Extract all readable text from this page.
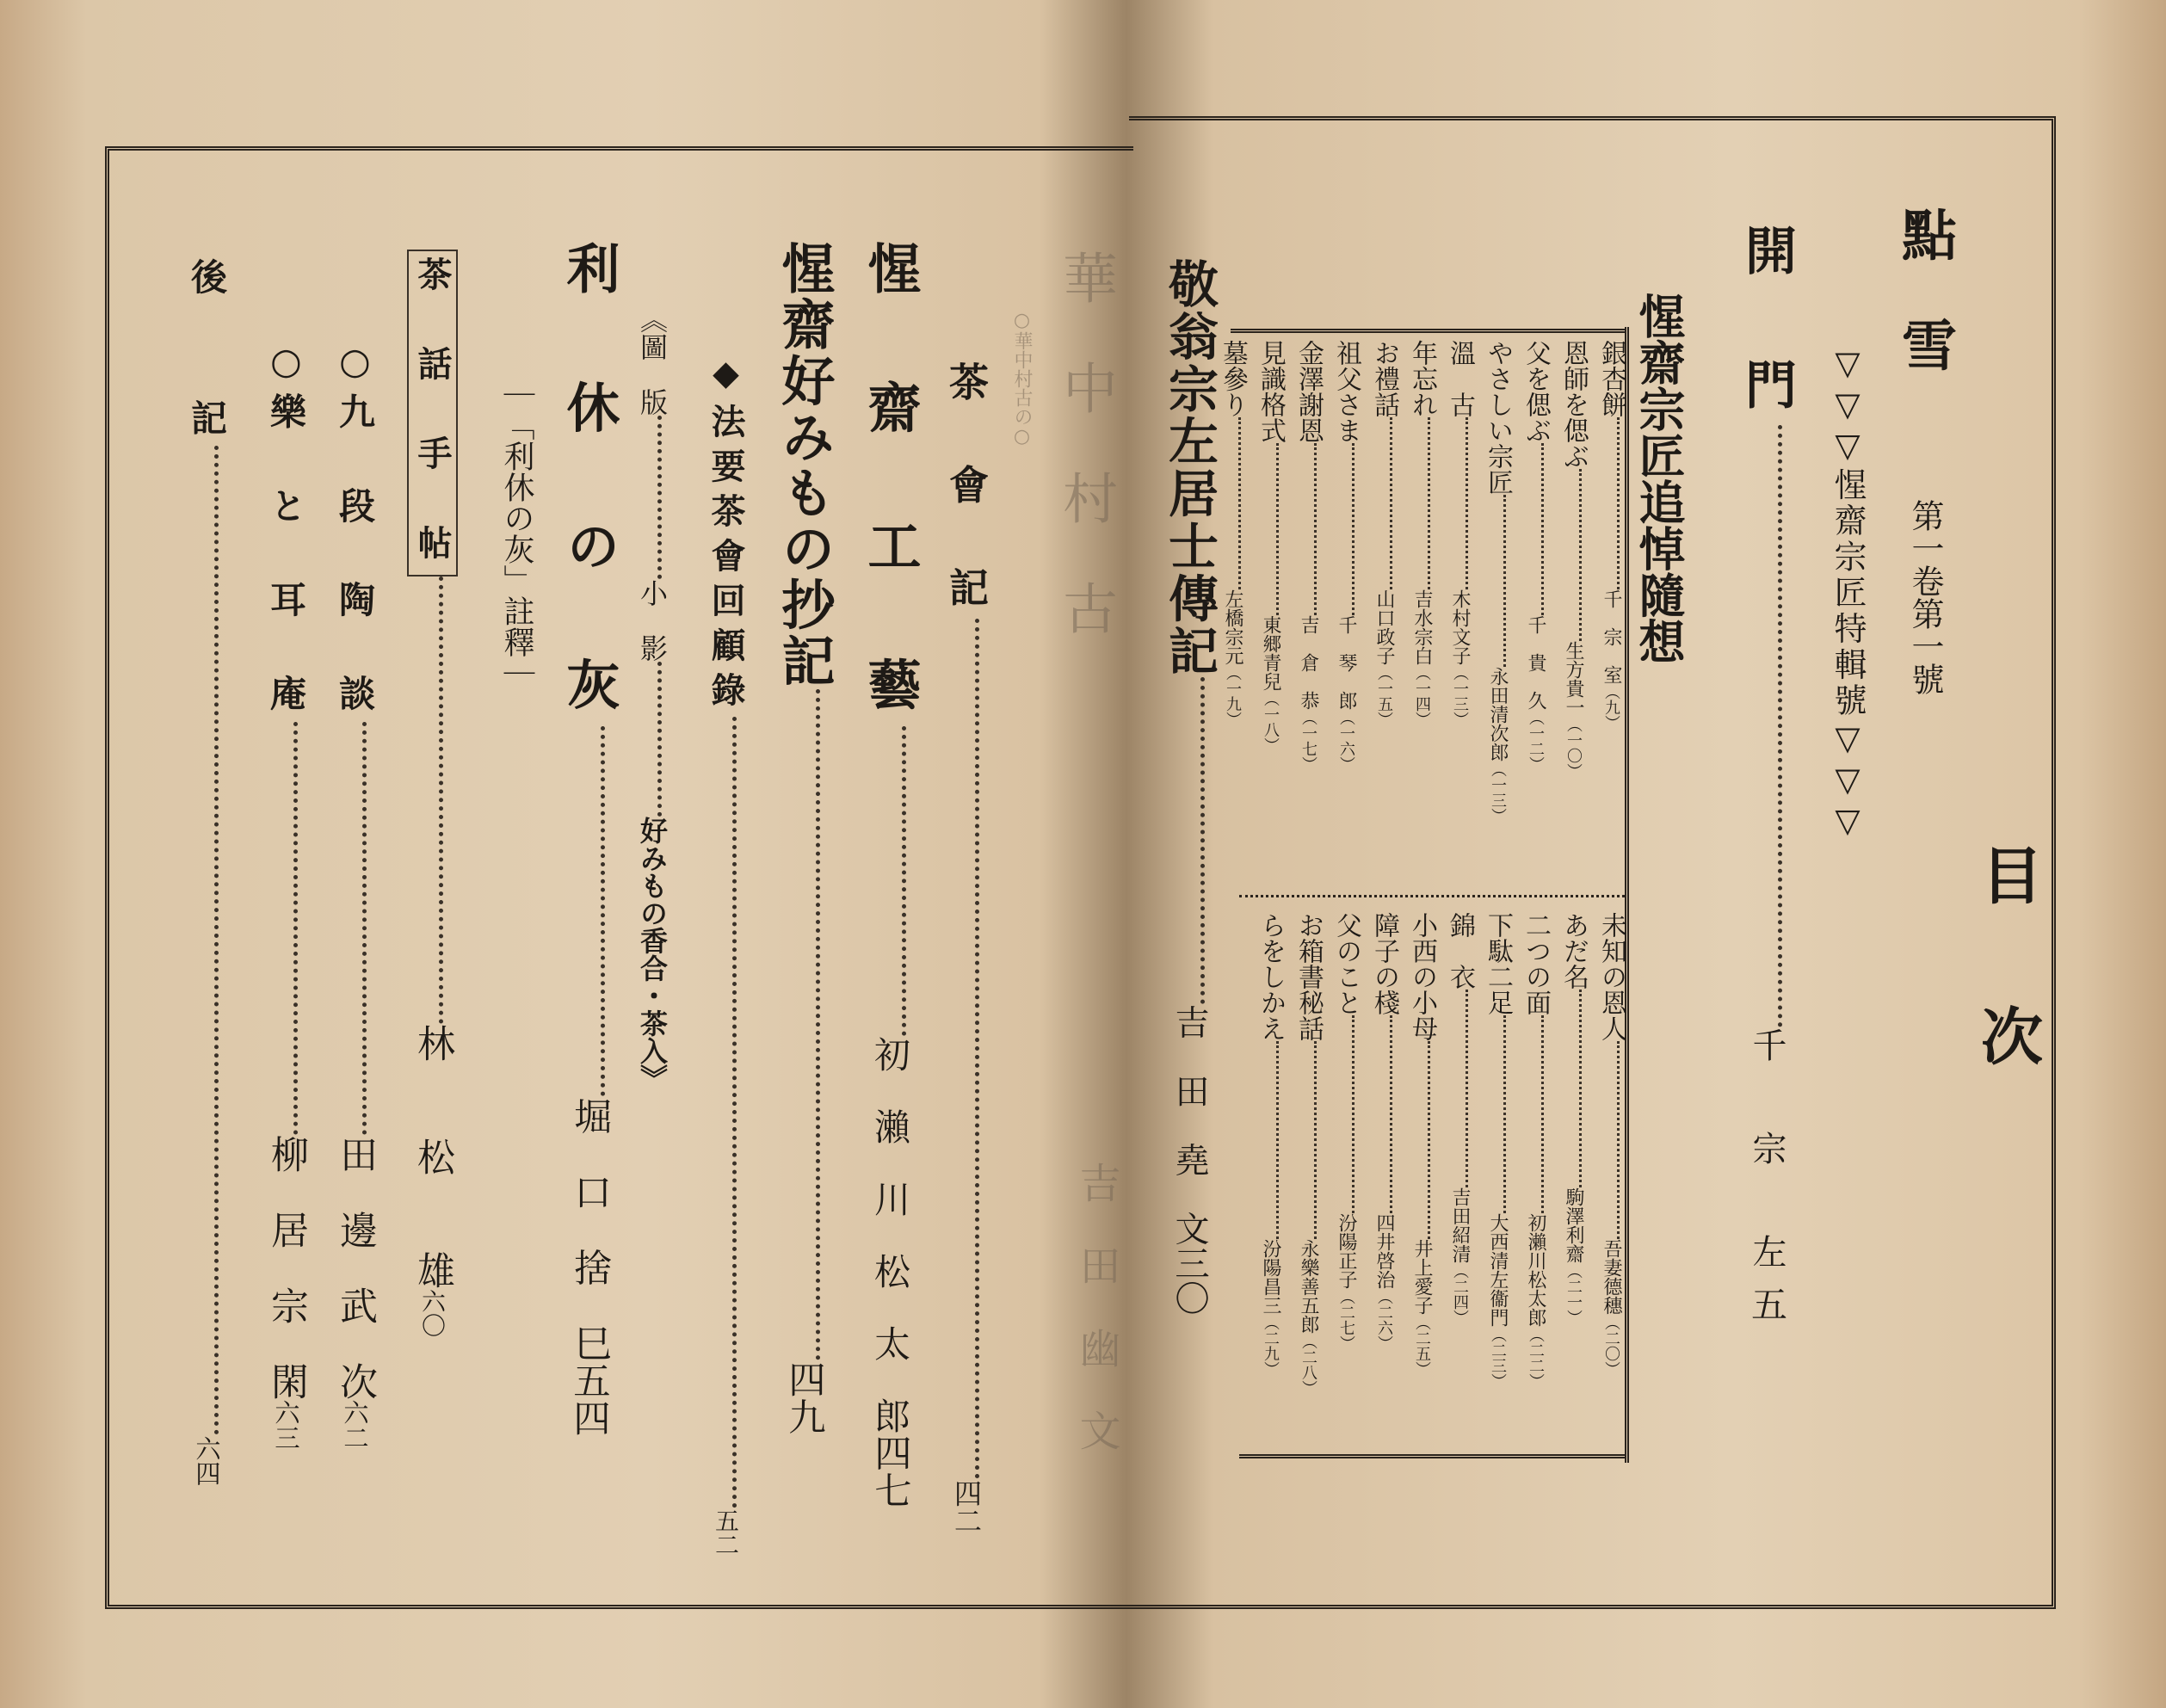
點　雪
第一卷第一號
目　次
▽▽▽惺齋宗匠特輯號▽▽▽
開　門千　宗　左五
惺齋宗匠追悼隨想
銀杏餅千　宗　室（九）
恩師を偲ぶ生方貴一（一〇）
父を偲ぶ千　貴　久（一二）
やさしい宗匠永田清次郎（一三）
溫　古木村文子（一三）
年忘れ吉水宗白（一四）
お禮話山口政子（一五）
祖父さま千　琴　郎（一六）
金澤謝恩吉　倉　恭（一七）
見識格式東郷青兒（一八）
墓參り左橋宗元（一九）
未知の恩人吾妻德穗（二〇）
あだ名駒澤利齋（二一）
二つの面初瀨川松太郎（二二）
下駄二足大西清左衞門（二三）
錦　衣吉田紹清（二四）
小西の小母井上愛子（二五）
障子の棧四井啓治（二六）
父のこと汾陽正子（二七）
お箱書秘話永樂善五郎（二八）
らをしかえ汾陽昌三（二九）
敬翁宗左居士傳記吉　田　堯　文三〇
華　中　村　古
吉　田　幽　文
○華中村古の○
茶　會　記四二
惺　齋　工　藝初　瀨　川　松　太　郎四七
惺齋好みもの抄記四九
◆法要茶會回顧錄五二
《圖　版小　影好みもの香合・茶入》
利　休　の　灰堀　口　捨　巳五四
｜「利休の灰」註釋｜
茶　話　手　帖林　　松　　雄六〇
○九　段　陶　談田　邊　武　次六二
○樂　と　耳　庵柳　居　宗　閑六三
後　　記六四
